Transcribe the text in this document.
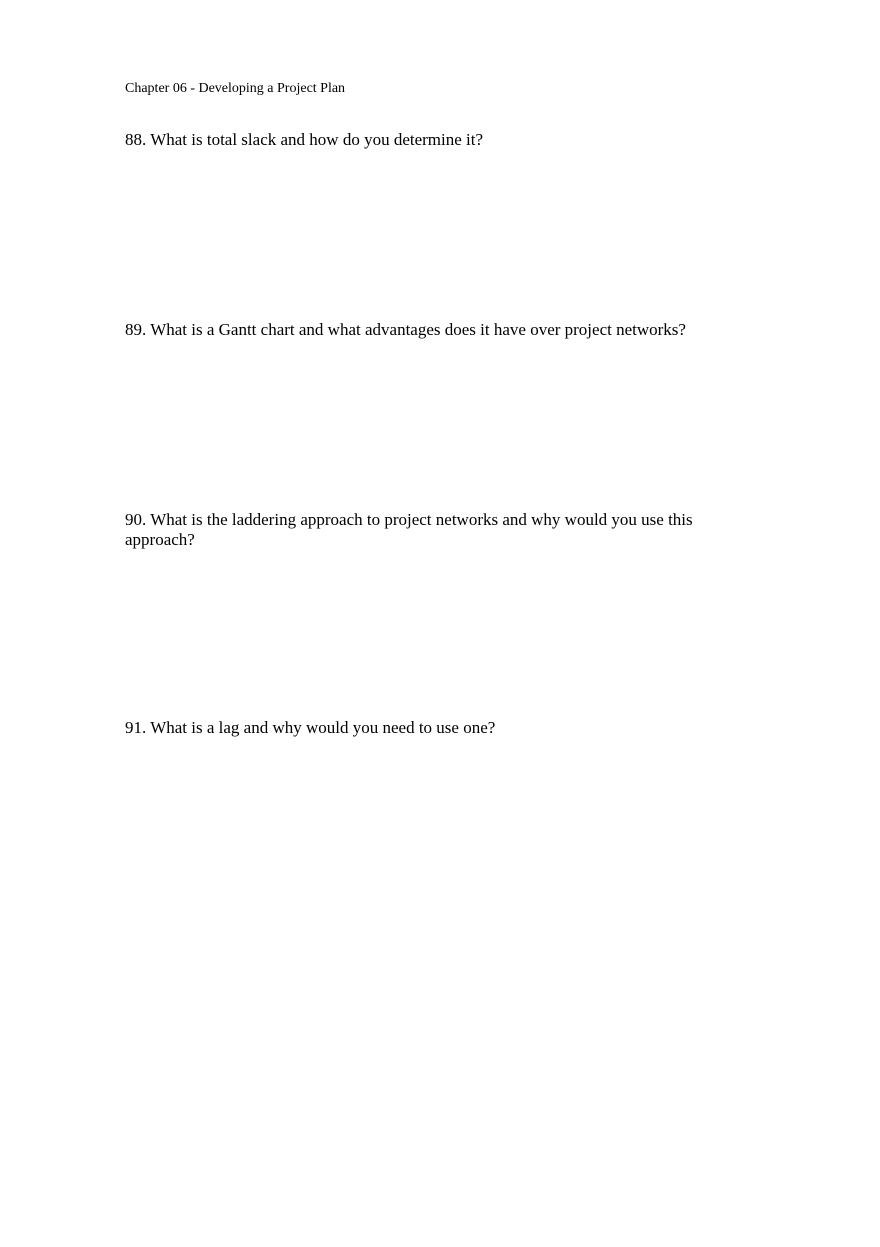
Chapter 06 - Developing a Project Plan
88. What is total slack and how do you determine it?
89. What is a Gantt chart and what advantages does it have over project networks?
90. What is the laddering approach to project networks and why would you use this approach?
91. What is a lag and why would you need to use one?
